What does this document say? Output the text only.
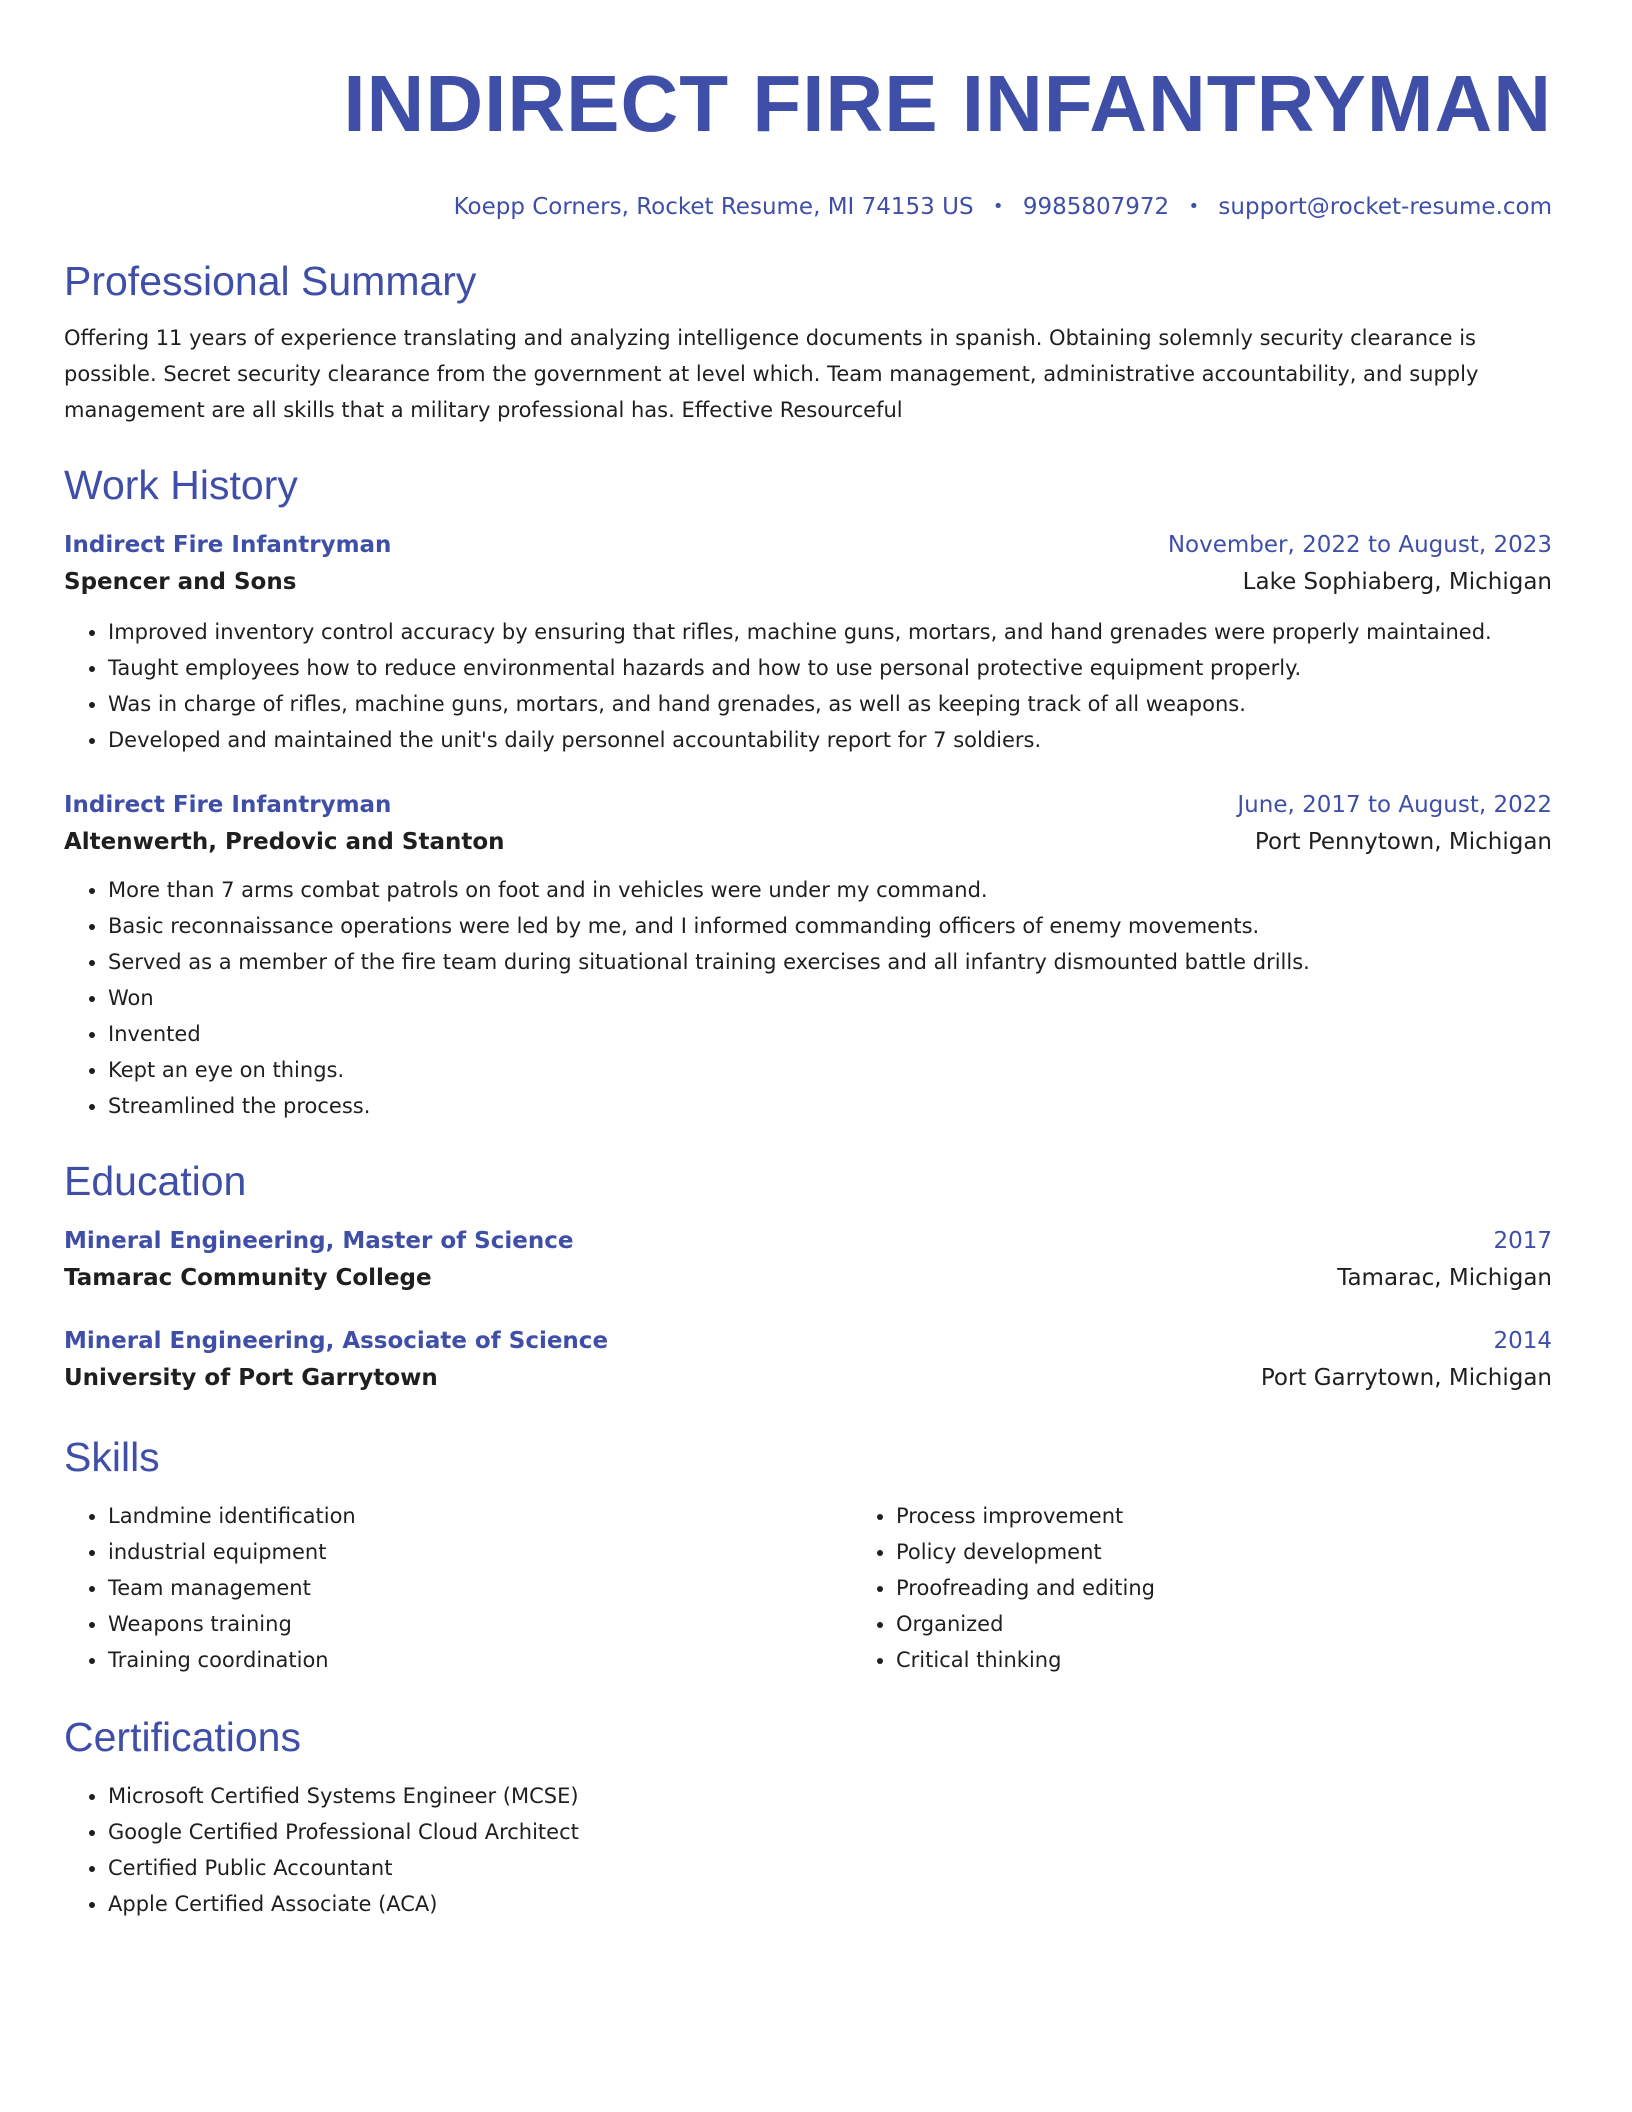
INDIRECT FIRE INFANTRYMAN
Koepp Corners, Rocket Resume, MI 74153 US • 9985807972 • support@rocket-resume.com
Professional Summary
Offering 11 years of experience translating and analyzing intelligence documents in spanish. Obtaining solemnly security clearance is possible. Secret security clearance from the government at level which. Team management, administrative accountability, and supply management are all skills that a military professional has. Effective Resourceful
Work History
Indirect Fire Infantryman	November, 2022 to August, 2023
Spencer and Sons	Lake Sophiaberg, Michigan
• Improved inventory control accuracy by ensuring that rifles, machine guns, mortars, and hand grenades were properly maintained.
• Taught employees how to reduce environmental hazards and how to use personal protective equipment properly.
• Was in charge of rifles, machine guns, mortars, and hand grenades, as well as keeping track of all weapons.
• Developed and maintained the unit's daily personnel accountability report for 7 soldiers.
Indirect Fire Infantryman	June, 2017 to August, 2022
Altenwerth, Predovic and Stanton	Port Pennytown, Michigan
• More than 7 arms combat patrols on foot and in vehicles were under my command.
• Basic reconnaissance operations were led by me, and I informed commanding officers of enemy movements.
• Served as a member of the fire team during situational training exercises and all infantry dismounted battle drills.
• Won
• Invented
• Kept an eye on things.
• Streamlined the process.
Education
Mineral Engineering, Master of Science	2017
Tamarac Community College	Tamarac, Michigan
Mineral Engineering, Associate of Science	2014
University of Port Garrytown	Port Garrytown, Michigan
Skills
• Landmine identification
• industrial equipment
• Team management
• Weapons training
• Training coordination
• Process improvement
• Policy development
• Proofreading and editing
• Organized
• Critical thinking
Certifications
• Microsoft Certified Systems Engineer (MCSE)
• Google Certified Professional Cloud Architect
• Certified Public Accountant
• Apple Certified Associate (ACA)
